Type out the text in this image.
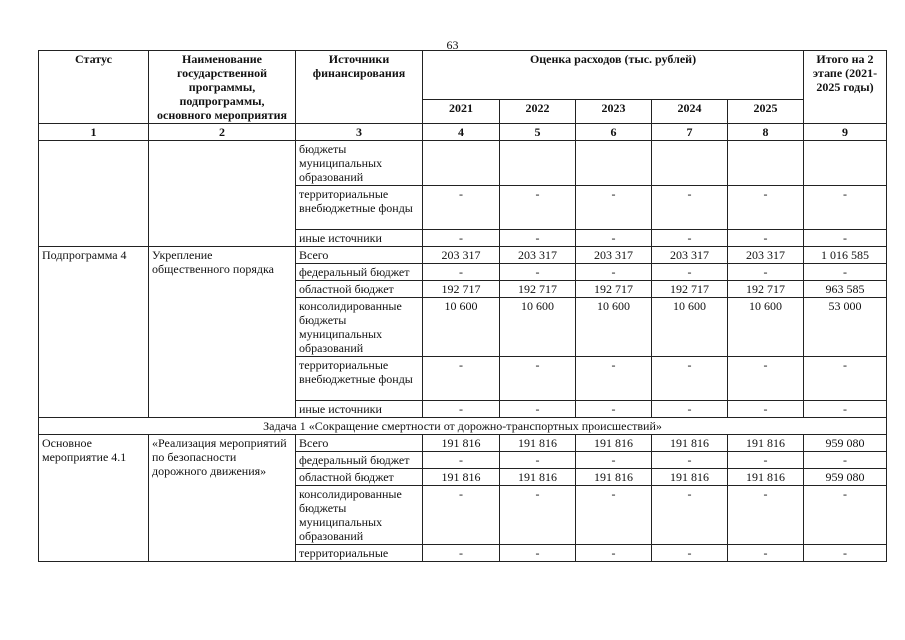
63
Статус	Наименование государственной программы, подпрограммы, основного мероприятия	Источники финансирования	Оценка расходов (тыс. рублей)					Итого на 2 этапе (2021-2025 годы)
			2021	2022	2023	2024	2025	
1	2	3	4	5	6	7	8	9
		бюджеты муниципальных образований						
		территориальные внебюджетные фонды	-	-	-	-	-	-
		иные источники	-	-	-	-	-	-
Подпрограмма 4	Укрепление общественного порядка	Всего	203 317	203 317	203 317	203 317	203 317	1 016 585
		федеральный бюджет	-	-	-	-	-	-
		областной бюджет	192 717	192 717	192 717	192 717	192 717	963 585
		консолидированные бюджеты муниципальных образований	10 600	10 600	10 600	10 600	10 600	53 000
		территориальные внебюджетные фонды	-	-	-	-	-	-
		иные источники	-	-	-	-	-	-
Задача 1 «Сокращение смертности от дорожно-транспортных происшествий»								
Основное мероприятие 4.1	«Реализация мероприятий по безопасности дорожного движения»	Всего	191 816	191 816	191 816	191 816	191 816	959 080
		федеральный бюджет	-	-	-	-	-	-
		областной бюджет	191 816	191 816	191 816	191 816	191 816	959 080
		консолидированные бюджеты муниципальных образований	-	-	-	-	-	-
		территориальные	-	-	-	-	-	-
